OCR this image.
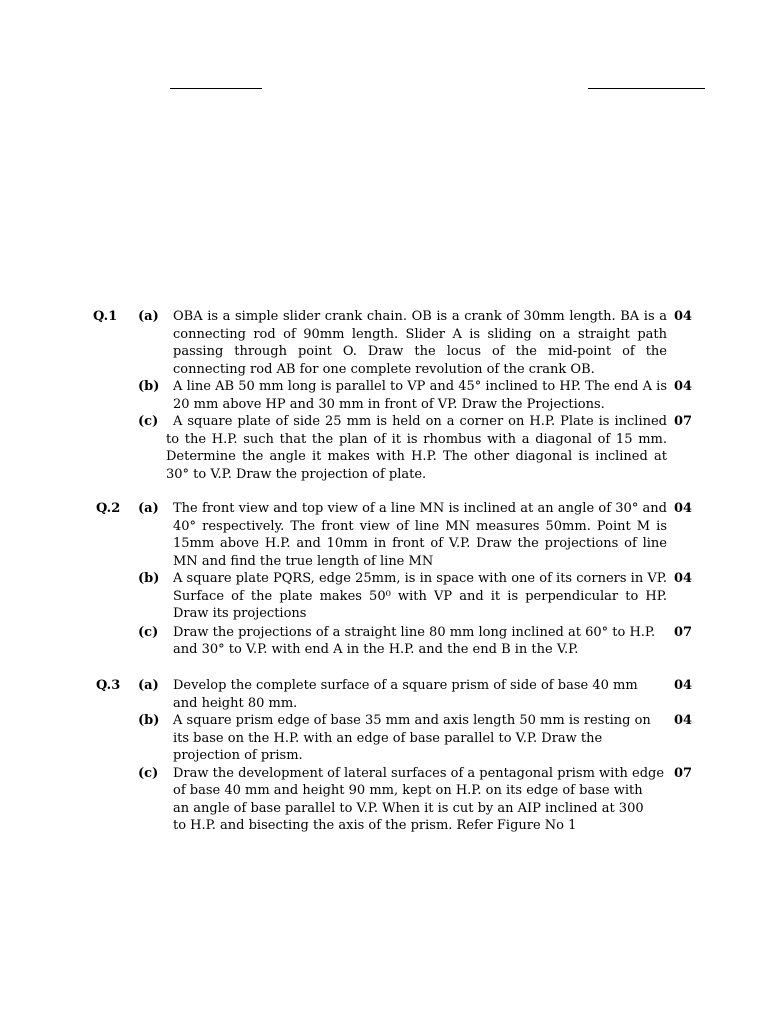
Q.1 (a) OBA is a simple slider crank chain. OB is a crank of 30mm length. BA is a connecting rod of 90mm length. Slider A is sliding on a straight path passing through point O. Draw the locus of the mid-point of the connecting rod AB for one complete revolution of the crank OB.
04
(b) A line AB 50 mm long is parallel to VP and 45° inclined to HP. The end A is 20 mm above HP and 30 mm in front of VP. Draw the Projections.
04
(c)	A square plate of side 25 mm is held on a corner on H.P. Plate is inclined to the H.P. such that the plan of it is rhombus with a diagonal of 15 mm. Determine the angle it makes with H.P. The other diagonal is inclined at 30° to V.P. Draw the projection of plate.
07
Q.2 (a) The front view and top view of a line MN is inclined at an angle of 30° and 40° respectively. The front view of line MN measures 50mm. Point M is 15mm above H.P. and 10mm in front of V.P. Draw the projections of line MN and find the true length of line MN
04
(b) A square plate PQRS, edge 25mm, is in space with one of its corners in VP. Surface of the plate makes 50⁰ with VP and it is perpendicular to HP. Draw its projections
04
(c) Draw the projections of a straight line 80 mm long inclined at 60° to H.P. and 30° to V.P. with end A in the H.P. and the end B in the V.P.
07
Q.3 (a) Develop the complete surface of a square prism of side of base 40 mm
and height 80 mm.
04
(b) A square prism edge of base 35 mm and axis length 50 mm is resting on
its base on the H.P. with an edge of base parallel to V.P. Draw the
projection of prism.
04
(c) Draw the development of lateral surfaces of a pentagonal prism with edge
of base 40 mm and height 90 mm, kept on H.P. on its edge of base with
an angle of base parallel to V.P. When it is cut by an AIP inclined at 300
to H.P. and bisecting the axis of the prism. Refer Figure No 1
07
